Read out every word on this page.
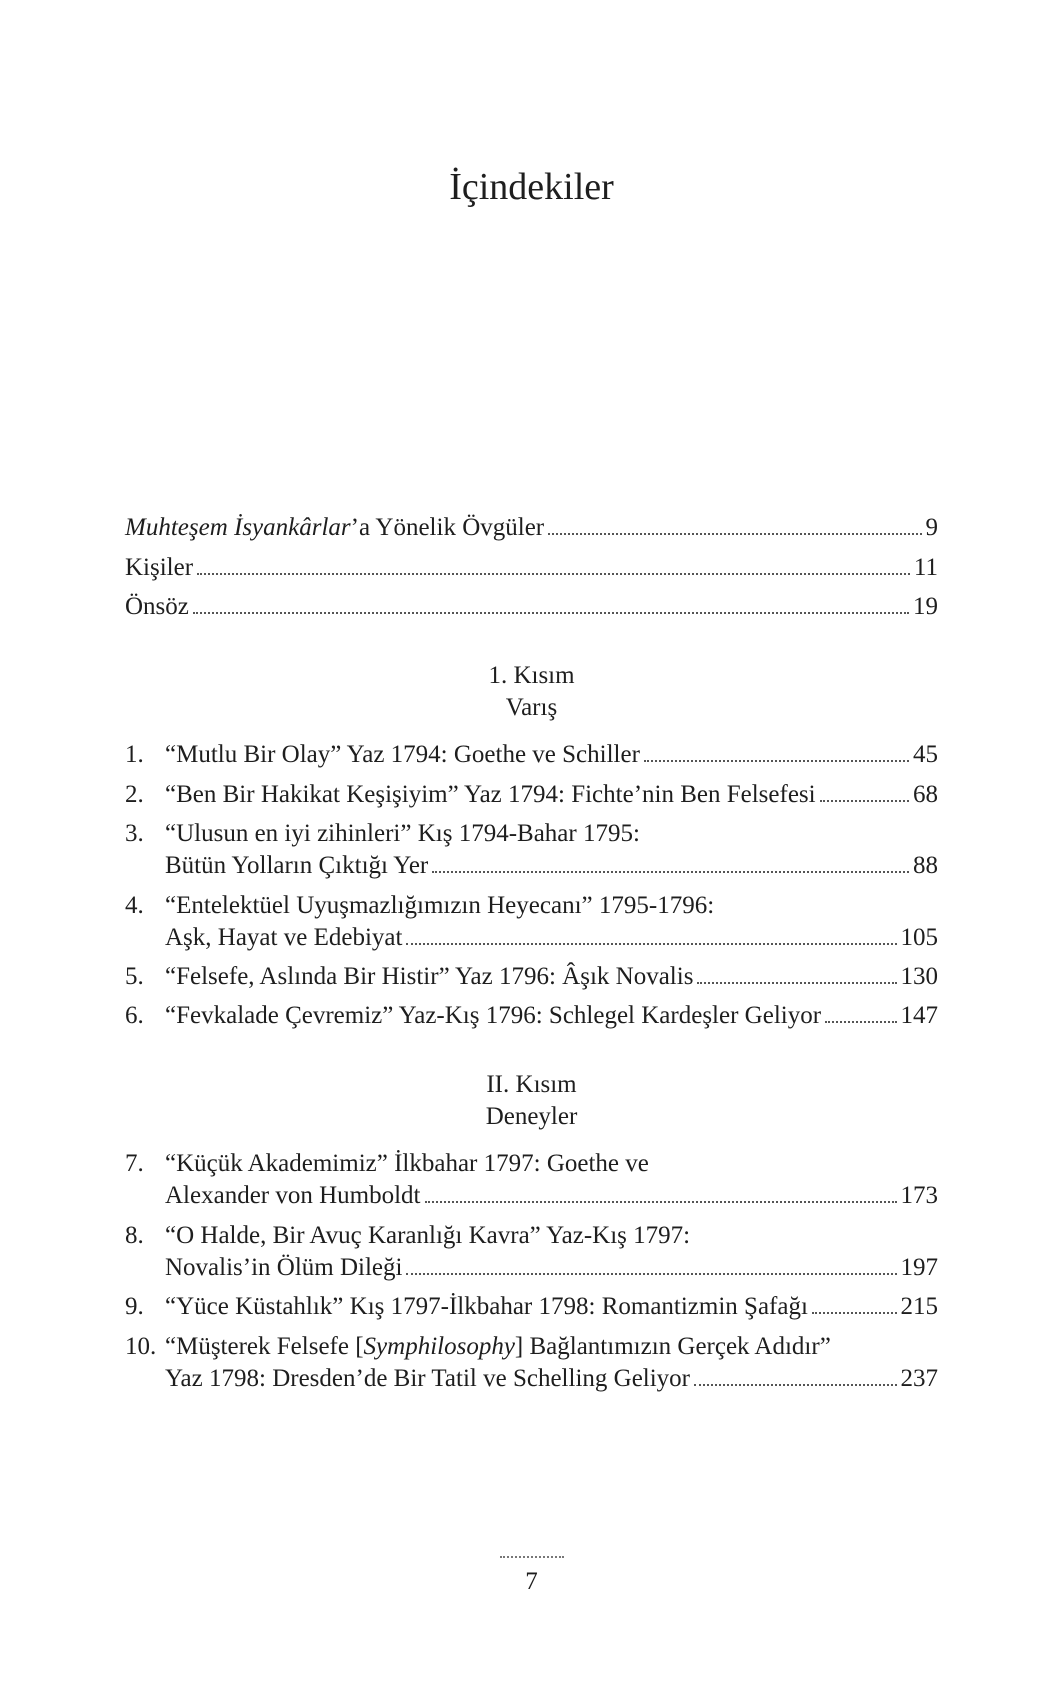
İçindekiler
Muhteşem İsyankârlar’a Yönelik Övgüler	9
Kişiler	11
Önsöz	19
1. Kısım
Varış
1. “Mutlu Bir Olay” Yaz 1794: Goethe ve Schiller	45
2. “Ben Bir Hakikat Keşişiyim” Yaz 1794: Fichte’nin Ben Felsefesi	68
3. “Ulusun en iyi zihinleri” Kış 1794-Bahar 1795:
Bütün Yolların Çıktığı Yer	88
4. “Entelektüel Uyuşmazlığımızın Heyecanı” 1795-1796:
Aşk, Hayat ve Edebiyat	105
5. “Felsefe, Aslında Bir Histir” Yaz 1796: Âşık Novalis	130
6. “Fevkalade Çevremiz” Yaz-Kış 1796: Schlegel Kardeşler Geliyor	147
II. Kısım
Deneyler
7. “Küçük Akademimiz” İlkbahar 1797: Goethe ve
Alexander von Humboldt	173
8. “O Halde, Bir Avuç Karanlığı Kavra” Yaz-Kış 1797:
Novalis’in Ölüm Dileği	197
9. “Yüce Küstahlık” Kış 1797-İlkbahar 1798: Romantizmin Şafağı	215
10. “Müşterek Felsefe [Symphilosophy] Bağlantımızın Gerçek Adıdır”
Yaz 1798: Dresden’de Bir Tatil ve Schelling Geliyor	237
7
